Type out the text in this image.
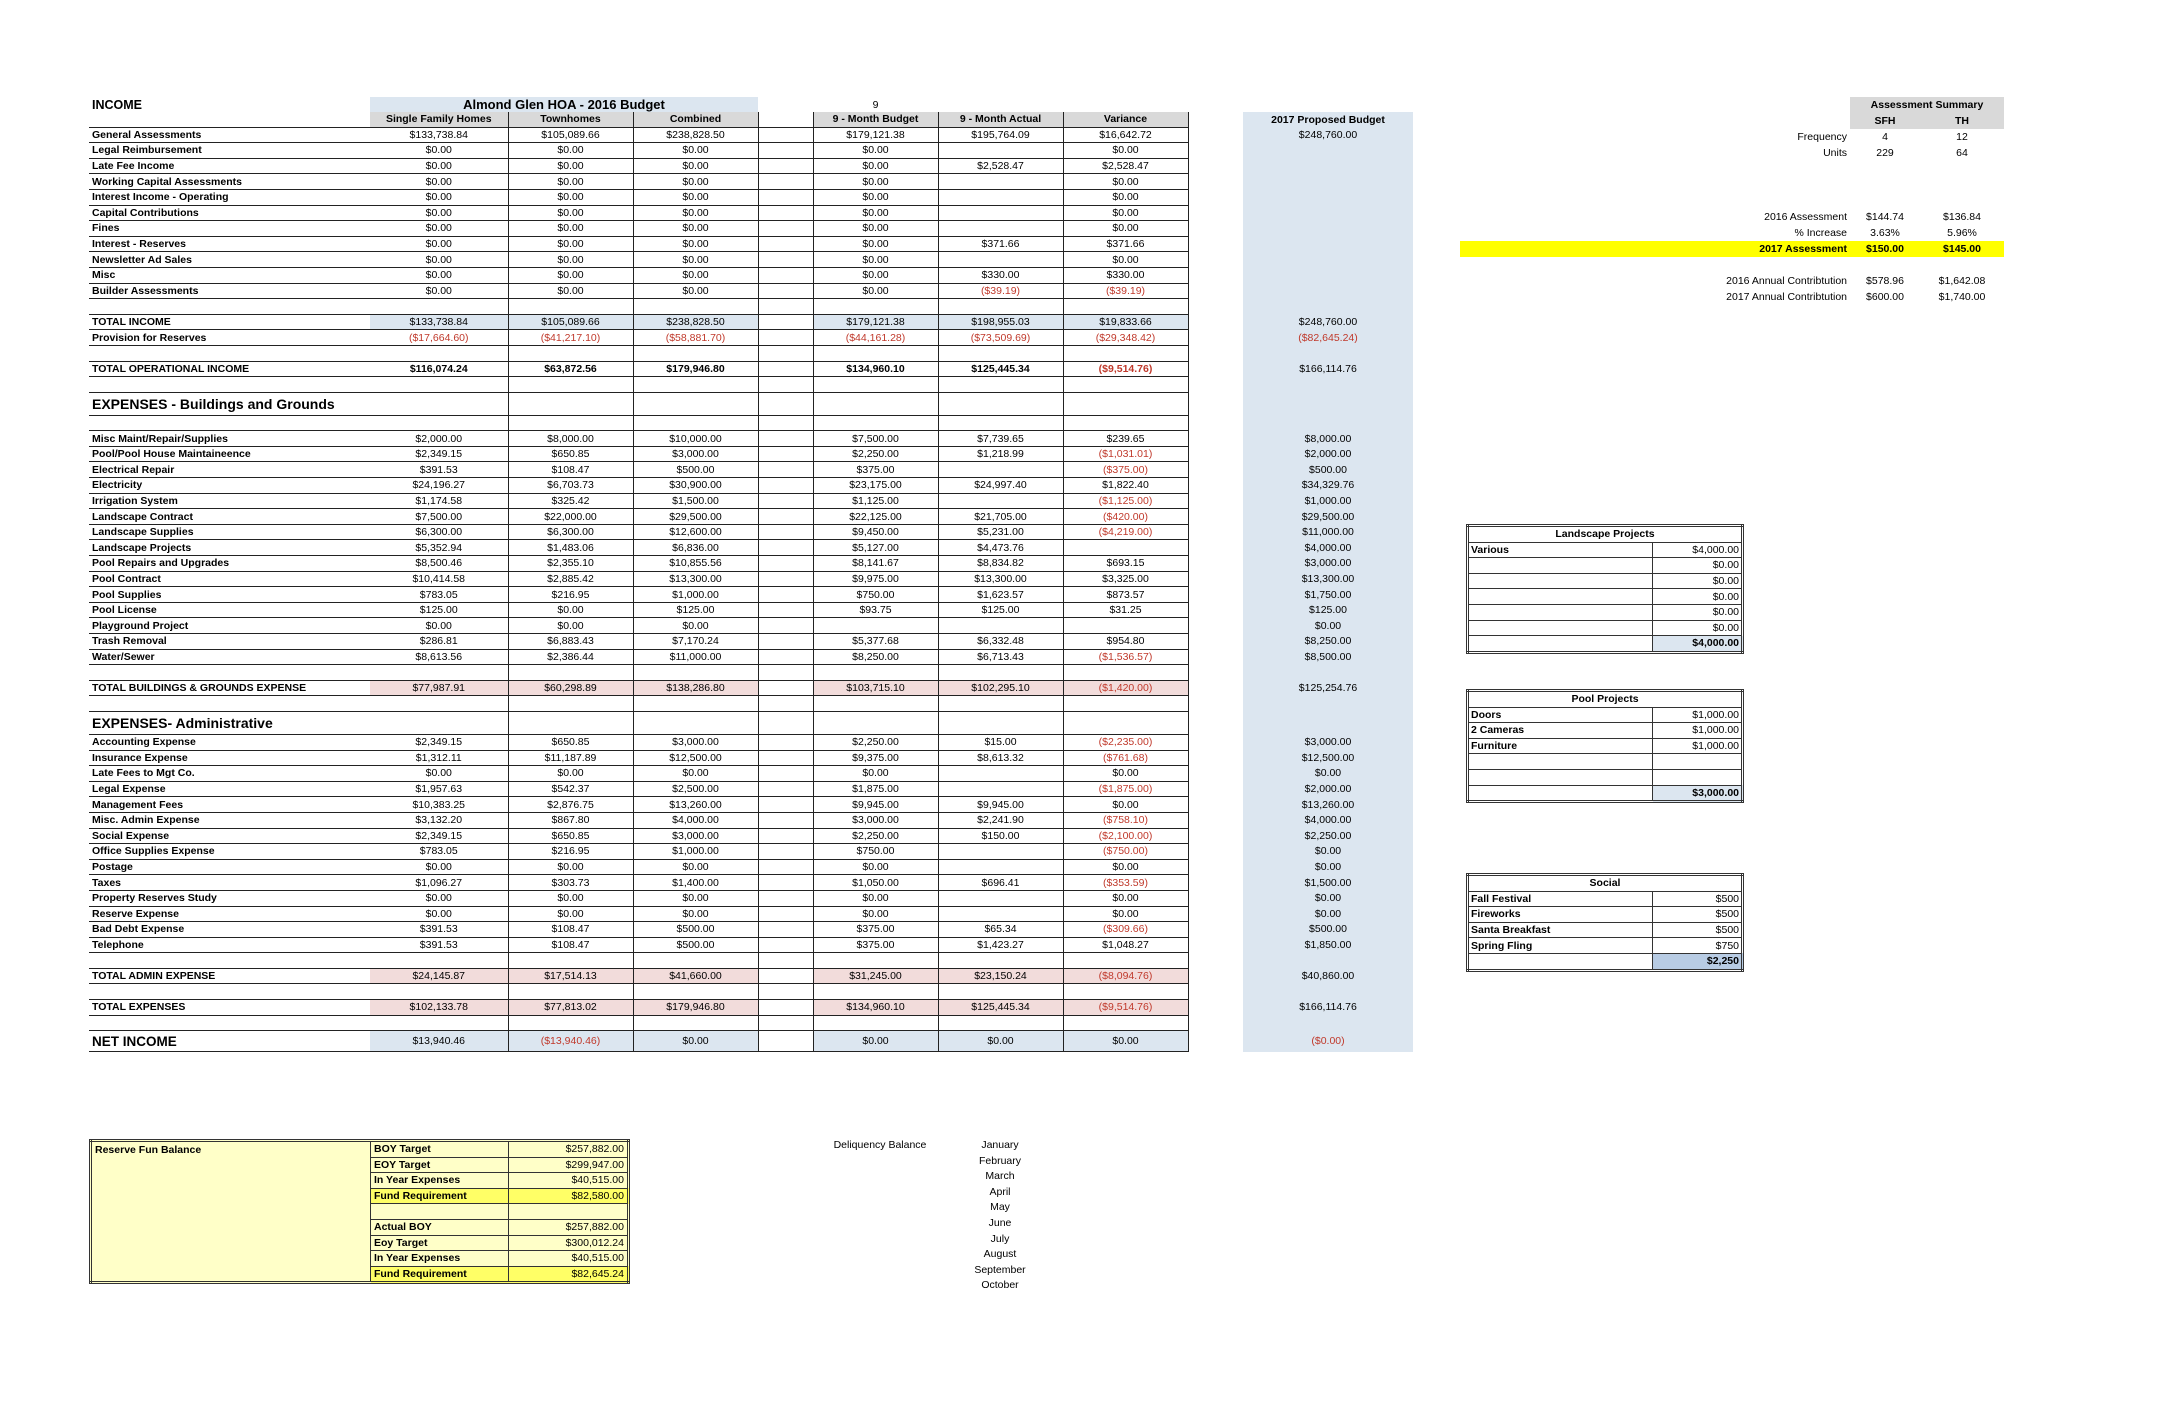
INCOME	Almond Glen HOA - 2016 Budget				9				
	Single Family Homes	Townhomes	Combined		9 - Month Budget	9 - Month Actual	Variance		2017 Proposed Budget
General Assessments	$133,738.84	$105,089.66	$238,828.50		$179,121.38	$195,764.09	$16,642.72		$248,760.00
Legal Reimbursement	$0.00	$0.00	$0.00		$0.00		$0.00		
Late Fee Income	$0.00	$0.00	$0.00		$0.00	$2,528.47	$2,528.47		
Working Capital Assessments	$0.00	$0.00	$0.00		$0.00		$0.00		
Interest Income - Operating	$0.00	$0.00	$0.00		$0.00		$0.00		
Capital Contributions	$0.00	$0.00	$0.00		$0.00		$0.00		
Fines	$0.00	$0.00	$0.00		$0.00		$0.00		
Interest - Reserves	$0.00	$0.00	$0.00		$0.00	$371.66	$371.66		
Newsletter Ad Sales	$0.00	$0.00	$0.00		$0.00		$0.00		
Misc	$0.00	$0.00	$0.00		$0.00	$330.00	$330.00		
Builder Assessments	$0.00	$0.00	$0.00		$0.00	($39.19)	($39.19)		

TOTAL INCOME	$133,738.84	$105,089.66	$238,828.50		$179,121.38	$198,955.03	$19,833.66		$248,760.00
Provision for Reserves	($17,664.60)	($41,217.10)	($58,881.70)		($44,161.28)	($73,509.69)	($29,348.42)		($82,645.24)

TOTAL OPERATIONAL INCOME	$116,074.24	$63,872.56	$179,946.80		$134,960.10	$125,445.34	($9,514.76)		$166,114.76

EXPENSES - Buildings and Grounds									

Misc Maint/Repair/Supplies	$2,000.00	$8,000.00	$10,000.00		$7,500.00	$7,739.65	$239.65		$8,000.00
Pool/Pool House Maintaineence	$2,349.15	$650.85	$3,000.00		$2,250.00	$1,218.99	($1,031.01)		$2,000.00
Electrical Repair	$391.53	$108.47	$500.00		$375.00		($375.00)		$500.00
Electricity	$24,196.27	$6,703.73	$30,900.00		$23,175.00	$24,997.40	$1,822.40		$34,329.76
Irrigation System	$1,174.58	$325.42	$1,500.00		$1,125.00		($1,125.00)		$1,000.00
Landscape Contract	$7,500.00	$22,000.00	$29,500.00		$22,125.00	$21,705.00	($420.00)		$29,500.00
Landscape Supplies	$6,300.00	$6,300.00	$12,600.00		$9,450.00	$5,231.00	($4,219.00)		$11,000.00
Landscape Projects	$5,352.94	$1,483.06	$6,836.00		$5,127.00	$4,473.76			$4,000.00
Pool Repairs and Upgrades	$8,500.46	$2,355.10	$10,855.56		$8,141.67	$8,834.82	$693.15		$3,000.00
Pool Contract	$10,414.58	$2,885.42	$13,300.00		$9,975.00	$13,300.00	$3,325.00		$13,300.00
Pool Supplies	$783.05	$216.95	$1,000.00		$750.00	$1,623.57	$873.57		$1,750.00
Pool License	$125.00	$0.00	$125.00		$93.75	$125.00	$31.25		$125.00
Playground Project	$0.00	$0.00	$0.00						$0.00
Trash Removal	$286.81	$6,883.43	$7,170.24		$5,377.68	$6,332.48	$954.80		$8,250.00
Water/Sewer	$8,613.56	$2,386.44	$11,000.00		$8,250.00	$6,713.43	($1,536.57)		$8,500.00

TOTAL BUILDINGS & GROUNDS EXPENSE	$77,987.91	$60,298.89	$138,286.80		$103,715.10	$102,295.10	($1,420.00)		$125,254.76

EXPENSES- Administrative									
Accounting Expense	$2,349.15	$650.85	$3,000.00		$2,250.00	$15.00	($2,235.00)		$3,000.00
Insurance Expense	$1,312.11	$11,187.89	$12,500.00		$9,375.00	$8,613.32	($761.68)		$12,500.00
Late Fees to Mgt Co.	$0.00	$0.00	$0.00		$0.00		$0.00		$0.00
Legal Expense	$1,957.63	$542.37	$2,500.00		$1,875.00		($1,875.00)		$2,000.00
Management Fees	$10,383.25	$2,876.75	$13,260.00		$9,945.00	$9,945.00	$0.00		$13,260.00
Misc. Admin Expense	$3,132.20	$867.80	$4,000.00		$3,000.00	$2,241.90	($758.10)		$4,000.00
Social Expense	$2,349.15	$650.85	$3,000.00		$2,250.00	$150.00	($2,100.00)		$2,250.00
Office Supplies Expense	$783.05	$216.95	$1,000.00		$750.00		($750.00)		$0.00
Postage	$0.00	$0.00	$0.00		$0.00		$0.00		$0.00
Taxes	$1,096.27	$303.73	$1,400.00		$1,050.00	$696.41	($353.59)		$1,500.00
Property Reserves Study	$0.00	$0.00	$0.00		$0.00		$0.00		$0.00
Reserve Expense	$0.00	$0.00	$0.00		$0.00		$0.00		$0.00
Bad Debt Expense	$391.53	$108.47	$500.00		$375.00	$65.34	($309.66)		$500.00
Telephone	$391.53	$108.47	$500.00		$375.00	$1,423.27	$1,048.27		$1,850.00

TOTAL ADMIN EXPENSE	$24,145.87	$17,514.13	$41,660.00		$31,245.00	$23,150.24	($8,094.76)		$40,860.00

TOTAL EXPENSES	$102,133.78	$77,813.02	$179,946.80		$134,960.10	$125,445.34	($9,514.76)		$166,114.76

NET INCOME	$13,940.46	($13,940.46)	$0.00		$0.00	$0.00	$0.00		($0.00)
		Assessment Summary	
		SFH	TH
	Frequency	4	12
	Units	229	64

	2016 Assessment	$144.74	$136.84
	% Increase	3.63%	5.96%
	2017 Assessment	$150.00	$145.00

	2016 Annual Contribtution	$578.96	$1,642.08
	2017 Annual Contribtution	$600.00	$1,740.00
Landscape Projects	
Various	$4,000.00
	$0.00
	$0.00
	$0.00
	$0.00
	$0.00
	$4,000.00
Pool Projects	
Doors	$1,000.00
2 Cameras	$1,000.00
Furniture	$1,000.00

	$3,000.00
Social	
Fall Festival	$500
Fireworks	$500
Santa Breakfast	$500
Spring Fling	$750
	$2,250
Reserve Fun Balance	BOY Target	$257,882.00
	EOY Target	$299,947.00
	In Year Expenses	$40,515.00
	Fund Requirement	$82,580.00

	Actual BOY	$257,882.00
	Eoy Target	$300,012.24
	In Year Expenses	$40,515.00
	Fund Requirement	$82,645.24
Deliquency Balance	January
February
March
April
May
June
July
August
September
October
